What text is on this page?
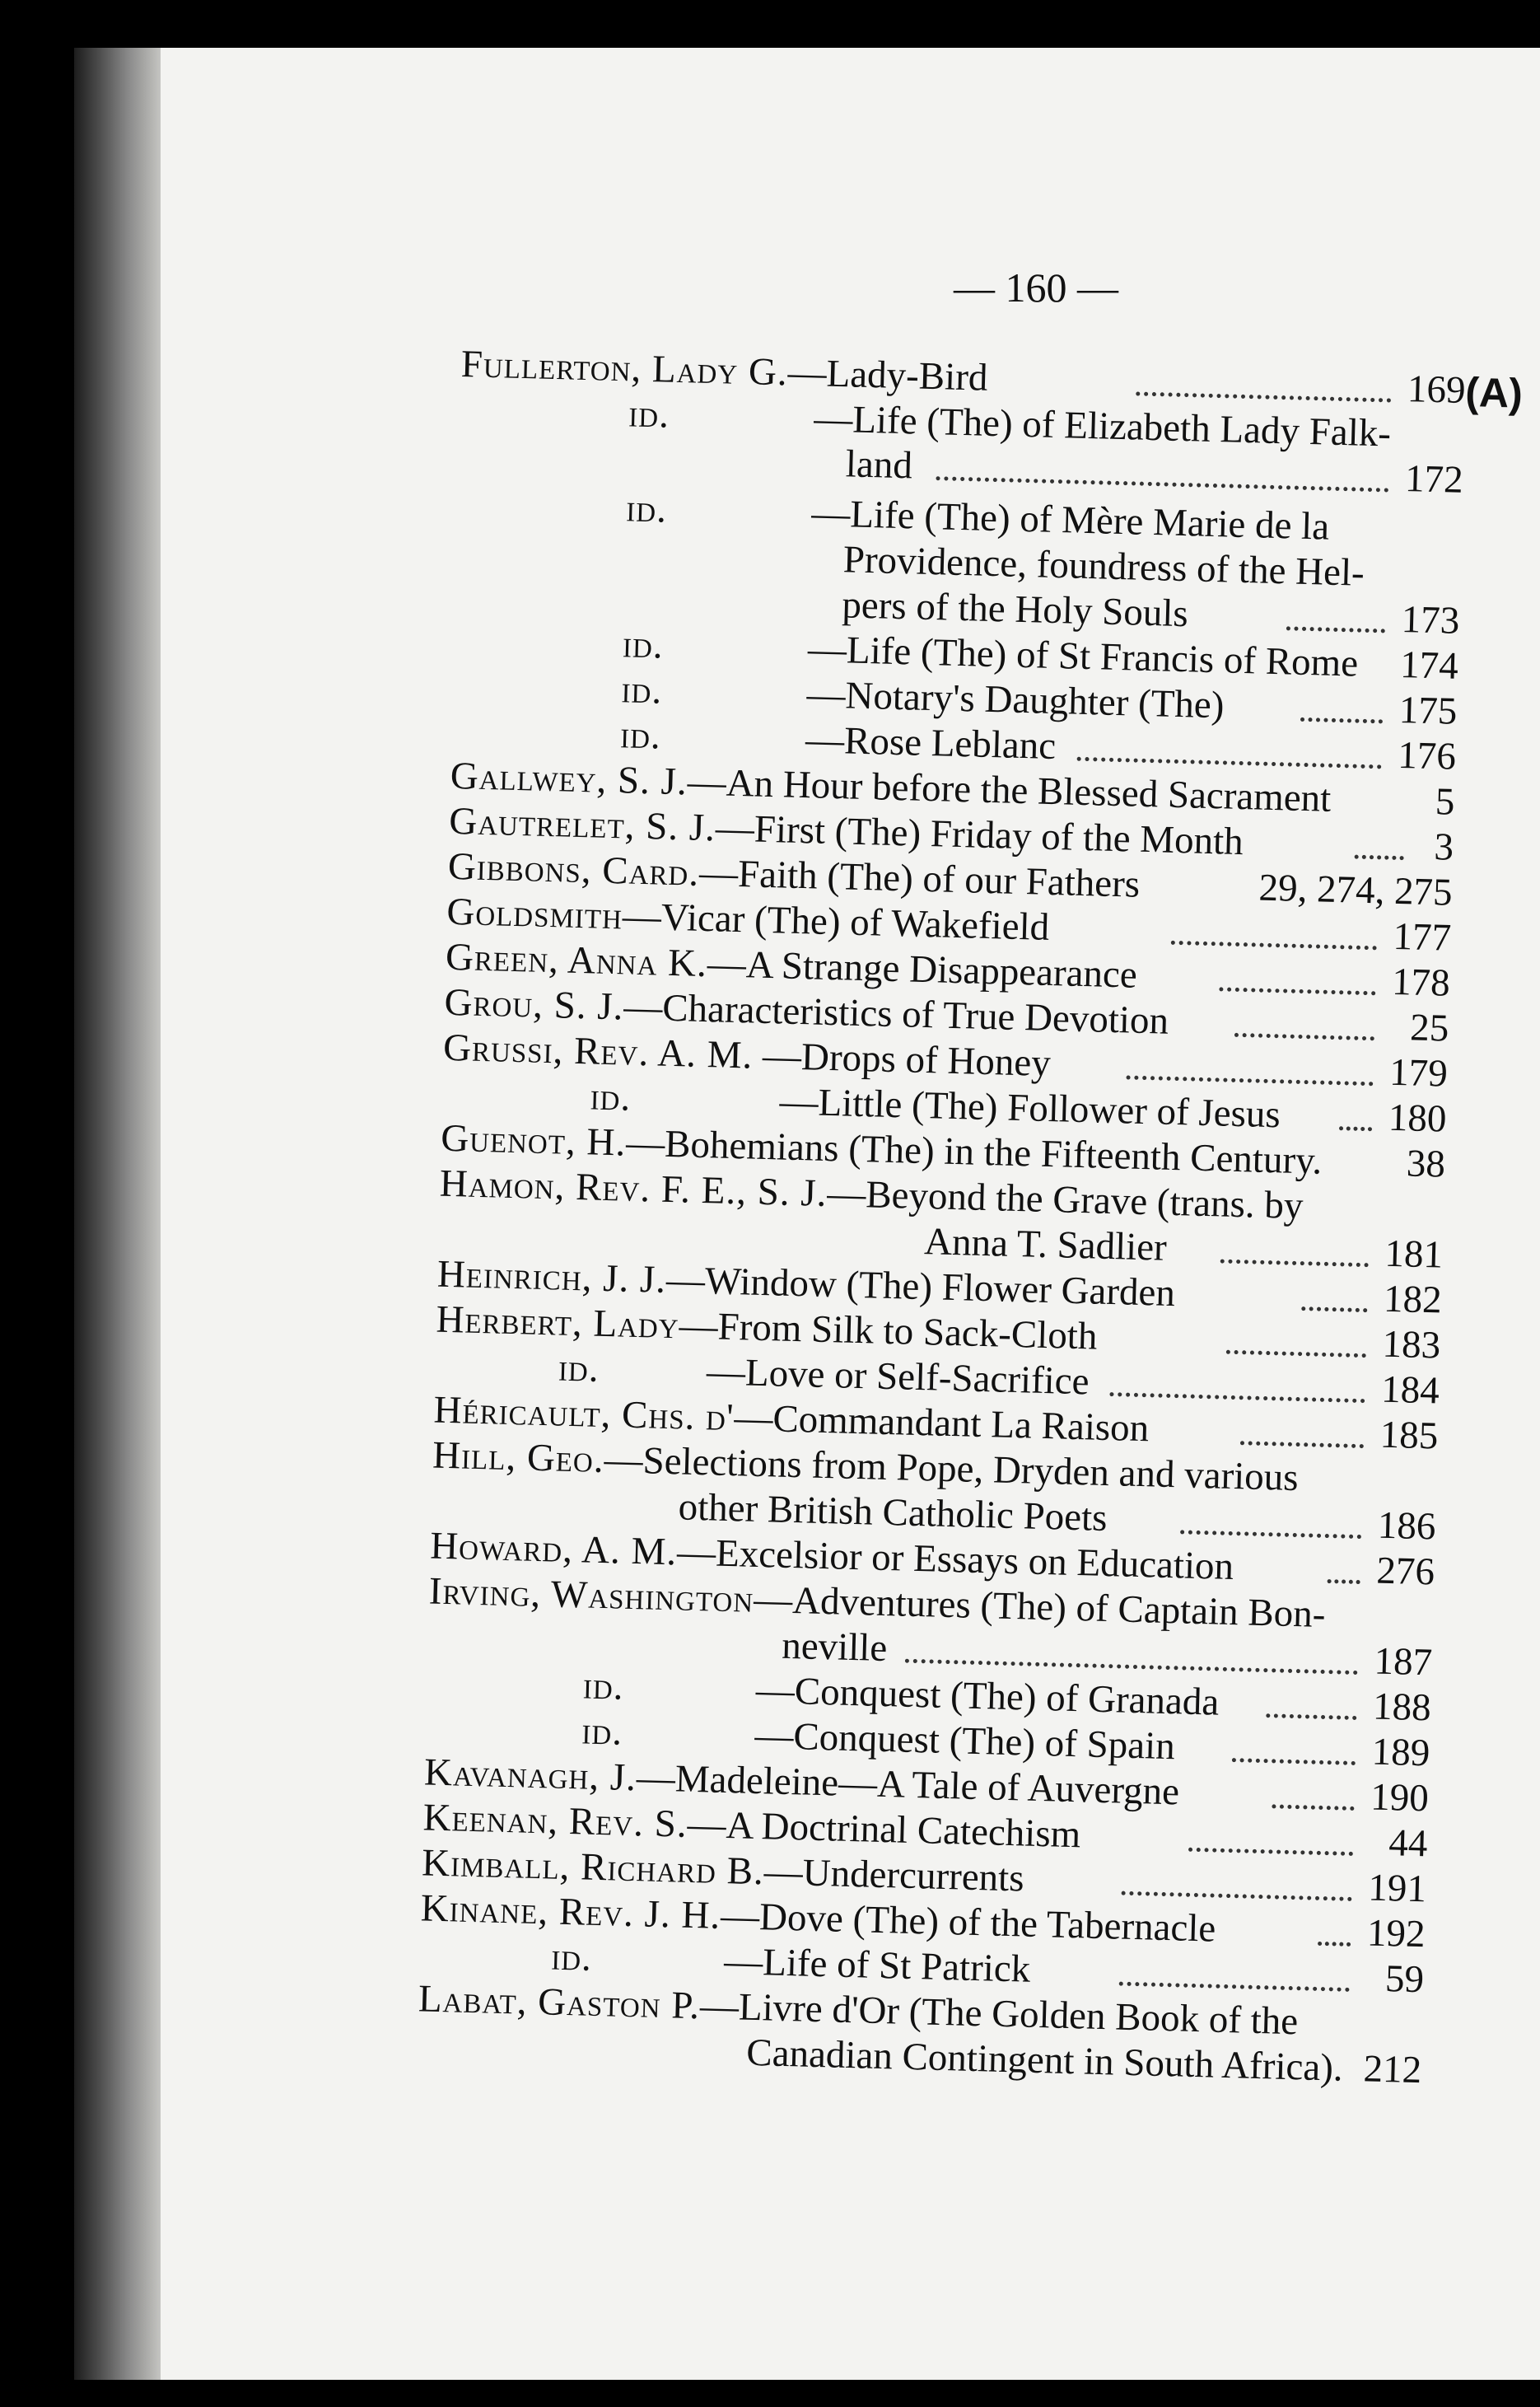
— 160 —
(A)
Fullerton, Lady G.—Lady-Bird	169
id.	—Life (The) of Elizabeth Lady Falk-
land	172
id.	—Life (The) of Mère Marie de la
Providence, foundress of the Hel-
pers of the Holy Souls	173
id.	—Life (The) of St Francis of Rome 174
id.	—Notary's Daughter (The)	175
id.	—Rose Leblanc	176
Gallwey, S. J.—An Hour before the Blessed Sacrament	5
Gautrelet, S. J.—First (The) Friday of the Month	3
Gibbons, Card.—Faith (The) of our Fathers	29, 274, 275
Goldsmith—Vicar (The) of Wakefield	177
Green, Anna K.—A Strange Disappearance	178
Grou, S. J.—Characteristics of True Devotion	25
Grussi, Rev. A. M. —Drops of Honey	179
id.	—Little (The) Follower of Jesus	180
Guenot, H.—Bohemians (The) in the Fifteenth Century. 38
Hamon, Rev. F. E., S. J.—Beyond the Grave (trans. by
Anna T. Sadlier	181
Heinrich, J. J.—Window (The) Flower Garden	182
Herbert, Lady—From Silk to Sack-Cloth	183
id.	—Love or Self-Sacrifice	184
Héricault, Chs. d'—Commandant La Raison	185
Hill, Geo.—Selections from Pope, Dryden and various
other British Catholic Poets	186
Howard, A. M.—Excelsior or Essays on Education	276
Irving, Washington—Adventures (The) of Captain Bon-
neville	187
id.	—Conquest (The) of Granada	188
id.	—Conquest (The) of Spain	189
Kavanagh, J.—Madeleine—A Tale of Auvergne	190
Keenan, Rev. S.—A Doctrinal Catechism	44
Kimball, Richard B.—Undercurrents	191
Kinane, Rev. J. H.—Dove (The) of the Tabernacle	192
id.	—Life of St Patrick	59
Labat, Gaston P.—Livre d'Or (The Golden Book of the
Canadian Contingent in South Africa). 212
